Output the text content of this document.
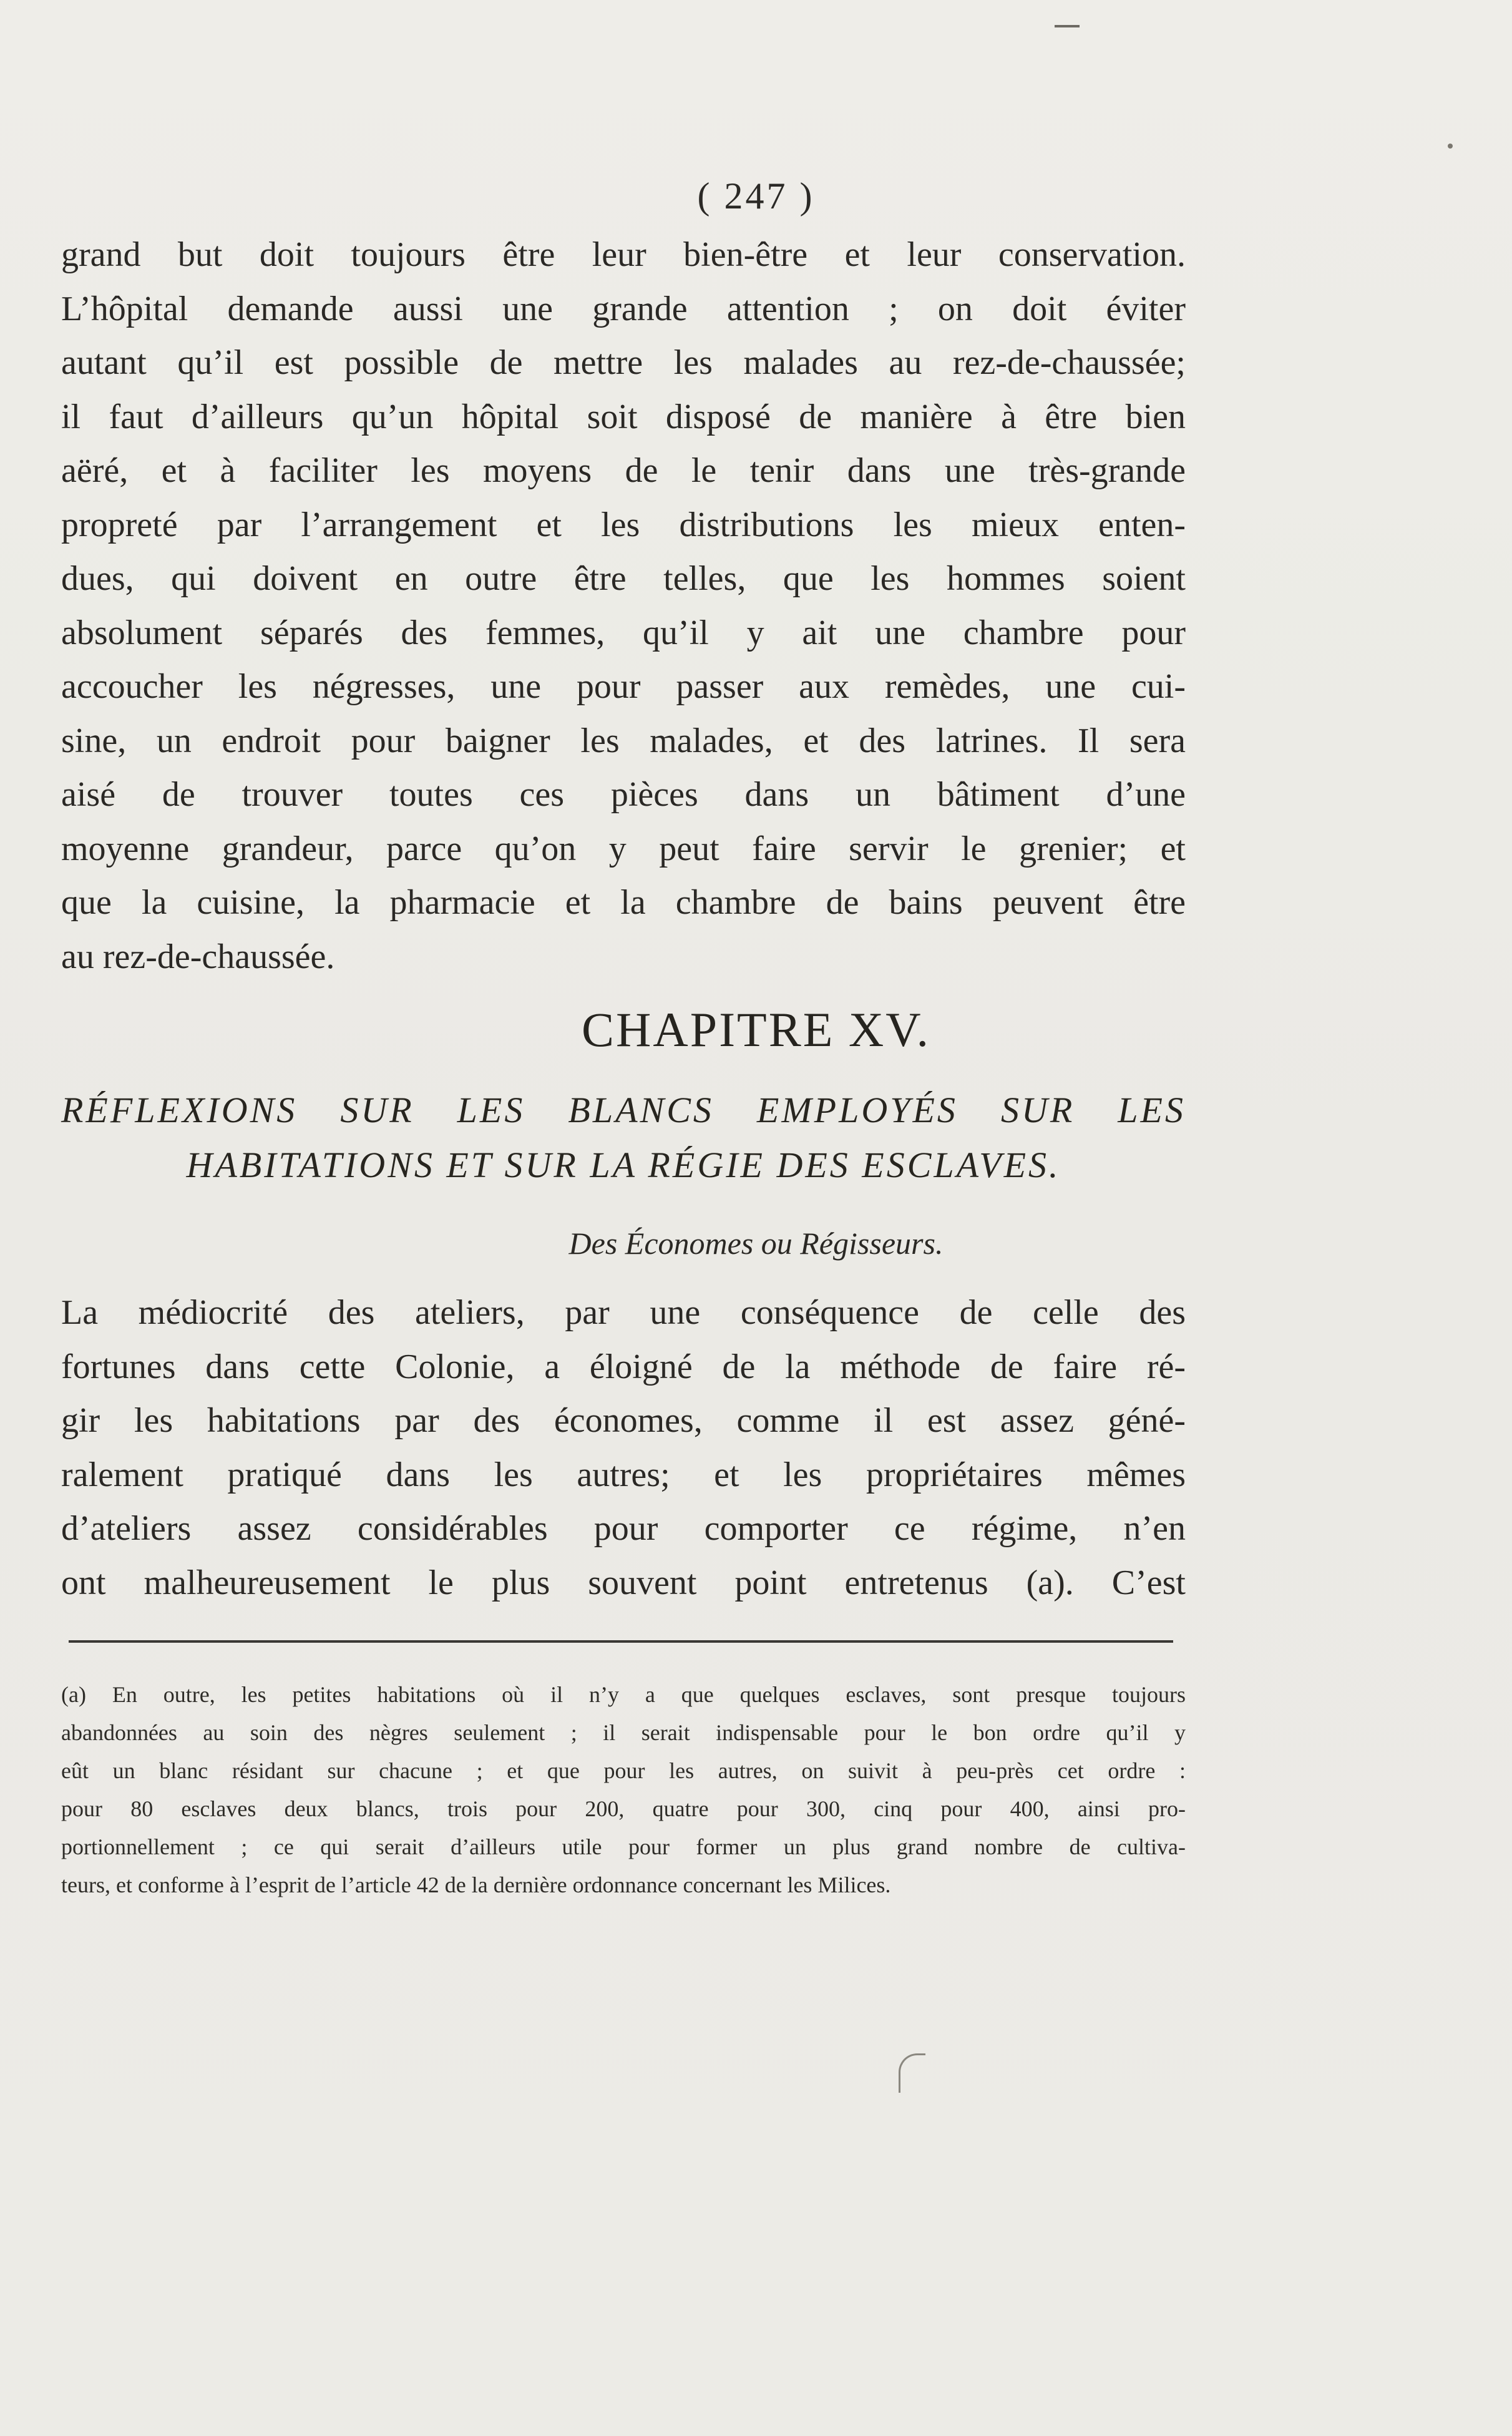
( 247 )
grand but doit toujours être leur bien-être et leur conservation.
L’hôpital demande aussi une grande attention ; on doit éviter
autant qu’il est possible de mettre les malades au rez-de-chaussée;
il faut d’ailleurs qu’un hôpital soit disposé de manière à être bien
aëré, et à faciliter les moyens de le tenir dans une très-grande
propreté par l’arrangement et les distributions les mieux enten-
dues, qui doivent en outre être telles, que les hommes soient
absolument séparés des femmes, qu’il y ait une chambre pour
accoucher les négresses, une pour passer aux remèdes, une cui-
sine, un endroit pour baigner les malades, et des latrines. Il sera
aisé de trouver toutes ces pièces dans un bâtiment d’une
moyenne grandeur, parce qu’on y peut faire servir le grenier; et
que la cuisine, la pharmacie et la chambre de bains peuvent être
au rez-de-chaussée.
CHAPITRE XV.
RÉFLEXIONS SUR LES BLANCS EMPLOYÉS SUR LES
HABITATIONS ET SUR LA RÉGIE DES ESCLAVES.
Des Économes ou Régisseurs.
La médiocrité des ateliers, par une conséquence de celle des
fortunes dans cette Colonie, a éloigné de la méthode de faire ré-
gir les habitations par des économes, comme il est assez géné-
ralement pratiqué dans les autres; et les propriétaires mêmes
d’ateliers assez considérables pour comporter ce régime, n’en
ont malheureusement le plus souvent point entretenus (a). C’est
(a) En outre, les petites habitations où il n’y a que quelques esclaves, sont presque toujours
abandonnées au soin des nègres seulement ; il serait indispensable pour le bon ordre qu’il y
eût un blanc résidant sur chacune ; et que pour les autres, on suivit à peu-près cet ordre :
pour 80 esclaves deux blancs, trois pour 200, quatre pour 300, cinq pour 400, ainsi pro-
portionnellement ; ce qui serait d’ailleurs utile pour former un plus grand nombre de cultiva-
teurs, et conforme à l’esprit de l’article 42 de la dernière ordonnance concernant les Milices.
